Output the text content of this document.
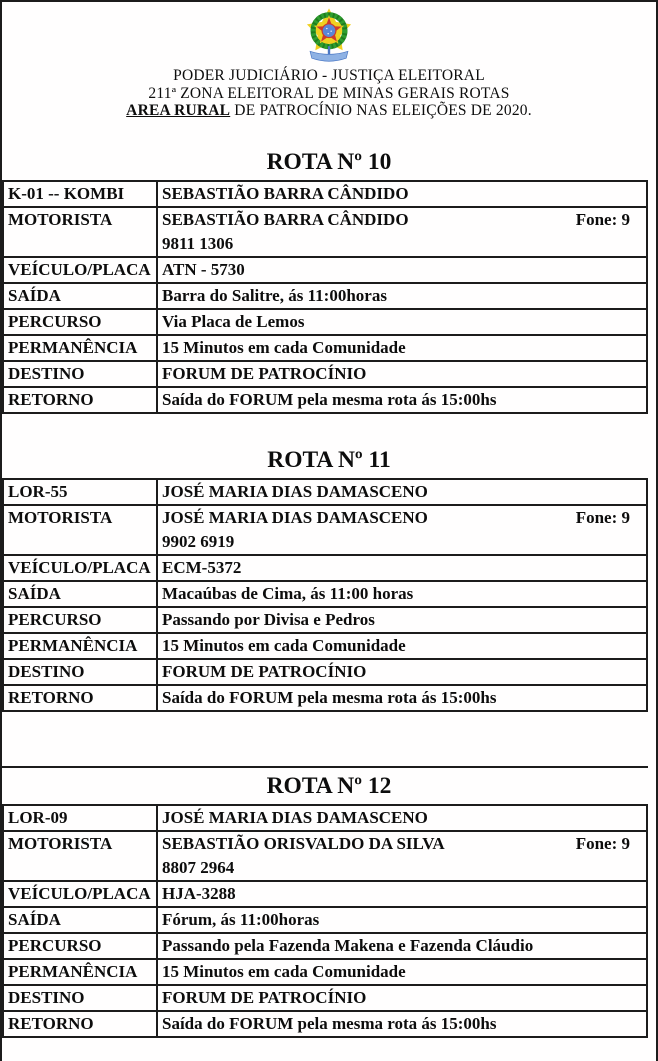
PODER JUDICIÁRIO - JUSTIÇA ELEITORAL
211ª ZONA ELEITORAL DE MINAS GERAIS ROTAS
AREA RURAL DE PATROCÍNIO NAS ELEIÇÕES DE 2020.
ROTA Nº 10
K-01 -- KOMBI	SEBASTIÃO BARRA CÂNDIDO
MOTORISTA	SEBASTIÃO BARRA CÂNDIDO Fone: 9
9811 1306

VEÍCULO/PLACA	ATN - 5730
SAÍDA	Barra do Salitre, ás 11:00horas
PERCURSO	Via Placa de Lemos
PERMANÊNCIA	15 Minutos em cada Comunidade
DESTINO	FORUM DE PATROCÍNIO
RETORNO	Saída do FORUM pela mesma rota ás 15:00hs
ROTA Nº 11
LOR-55	JOSÉ MARIA DIAS DAMASCENO
MOTORISTA	JOSÉ MARIA DIAS DAMASCENO Fone: 9
9902 6919

VEÍCULO/PLACA	ECM-5372
SAÍDA	Macaúbas de Cima, ás 11:00 horas
PERCURSO	Passando por Divisa e Pedros
PERMANÊNCIA	15 Minutos em cada Comunidade
DESTINO	FORUM DE PATROCÍNIO
RETORNO	Saída do FORUM pela mesma rota ás 15:00hs
ROTA Nº 12
LOR-09	JOSÉ MARIA DIAS DAMASCENO
MOTORISTA	SEBASTIÃO ORISVALDO DA SILVA Fone: 9
8807 2964

VEÍCULO/PLACA	HJA-3288
SAÍDA	Fórum, ás 11:00horas
PERCURSO	Passando pela Fazenda Makena e Fazenda Cláudio
PERMANÊNCIA	15 Minutos em cada Comunidade
DESTINO	FORUM DE PATROCÍNIO
RETORNO	Saída do FORUM pela mesma rota ás 15:00hs
